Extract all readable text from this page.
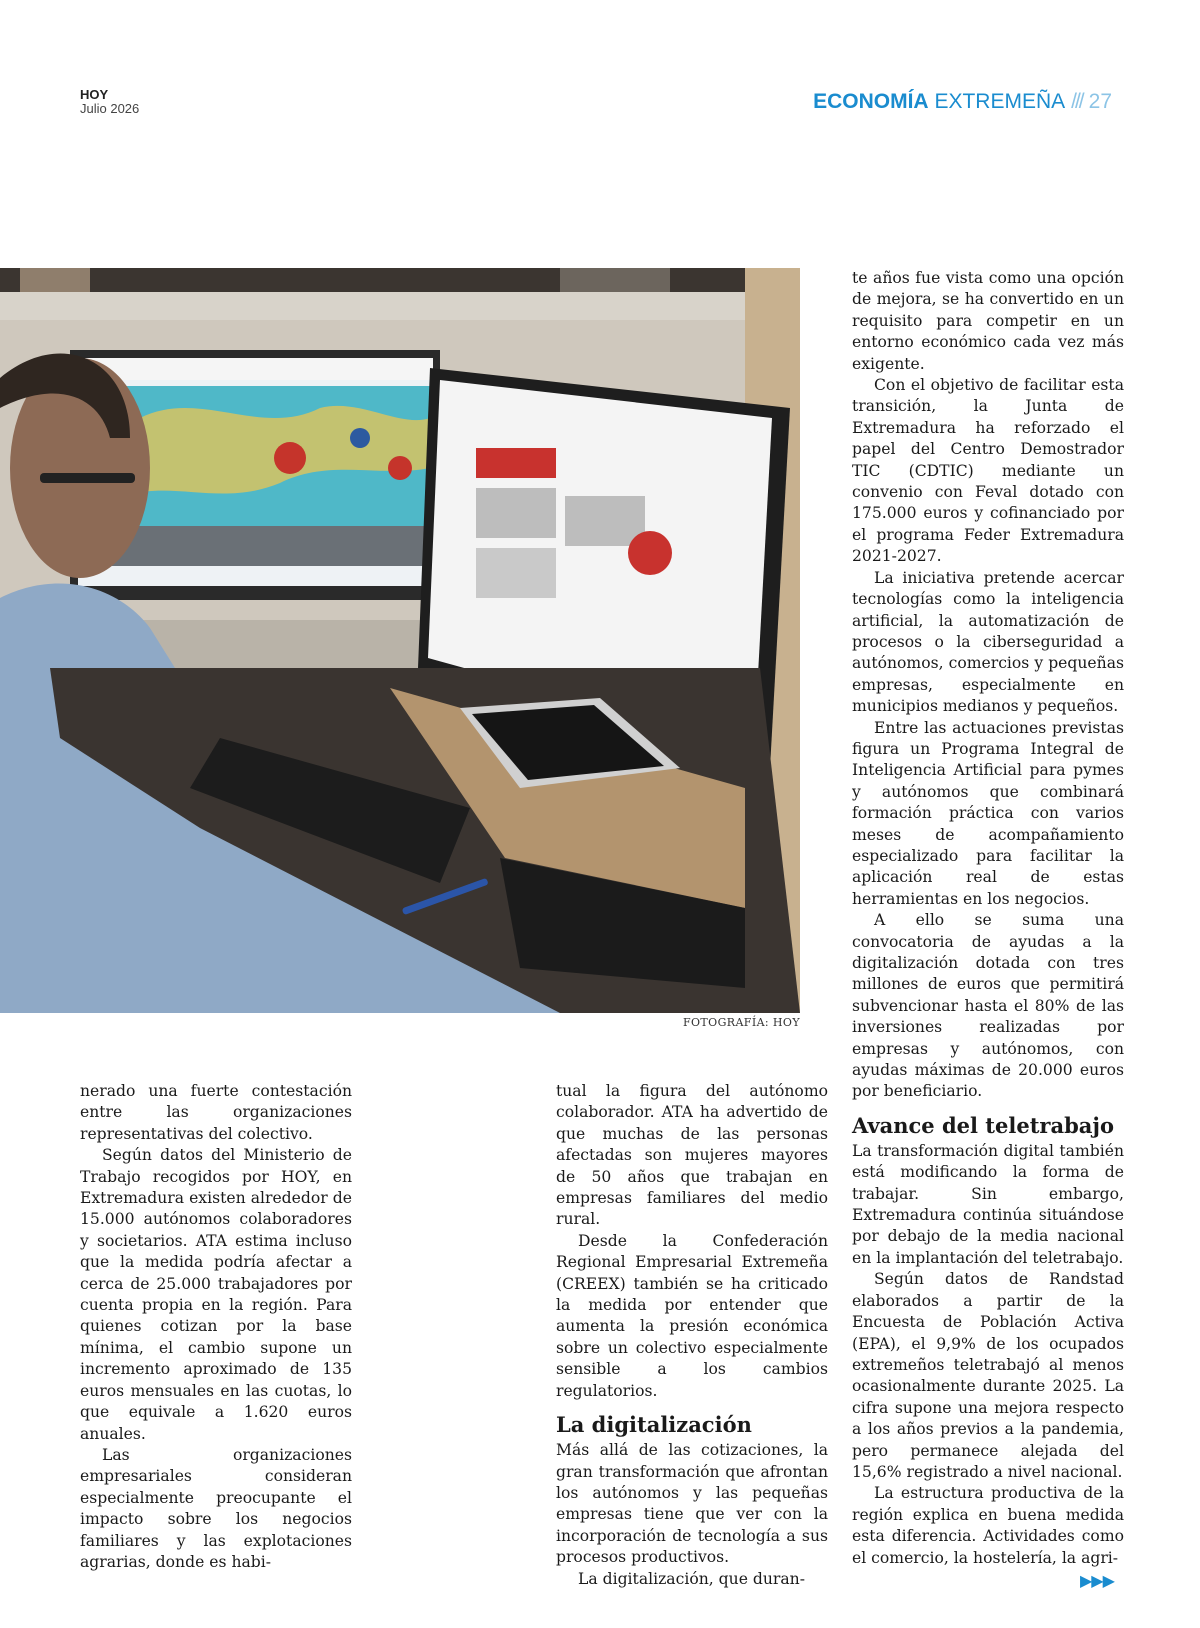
HOY
Julio 2026	ECONOMÍA EXTREMEÑA /// 27
FOTOGRAFÍA: HOY

nerado una fuerte contestación entre las organizaciones representativas del colectivo.

Según datos del Ministerio de Trabajo recogidos por HOY, en Extremadura existen alrededor de 15.000 autónomos colaboradores y societarios. ATA estima incluso que la medida podría afectar a cerca de 25.000 trabajadores por cuenta propia en la región. Para quienes cotizan por la base mínima, el cambio supone un incremento aproximado de 135 euros mensuales en las cuotas, lo que equivale a 1.620 euros anuales.

Las organizaciones empresariales consideran especialmente preocupante el impacto sobre los negocios familiares y las explotaciones agrarias, donde es habi-

tual la figura del autónomo colaborador. ATA ha advertido de que muchas de las personas afectadas son mujeres mayores de 50 años que trabajan en empresas familiares del medio rural.

Desde la Confederación Regional Empresarial Extremeña (CREEX) también se ha criticado la medida por entender que aumenta la presión económica sobre un colectivo especialmente sensible a los cambios regulatorios.

La digitalización

Más allá de las cotizaciones, la gran transformación que afrontan los autónomos y las pequeñas empresas tiene que ver con la incorporación de tecnología a sus procesos productivos.

La digitalización, que duran-

te años fue vista como una opción de mejora, se ha convertido en un requisito para competir en un entorno económico cada vez más exigente.

Con el objetivo de facilitar esta transición, la Junta de Extremadura ha reforzado el papel del Centro Demostrador TIC (CDTIC) mediante un convenio con Feval dotado con 175.000 euros y cofinanciado por el programa Feder Extremadura 2021-2027.

La iniciativa pretende acercar tecnologías como la inteligencia artificial, la automatización de procesos o la ciberseguridad a autónomos, comercios y pequeñas empresas, especialmente en municipios medianos y pequeños.

Entre las actuaciones previstas figura un Programa Integral de Inteligencia Artificial para pymes y autónomos que combinará formación práctica con varios meses de acompañamiento especializado para facilitar la aplicación real de estas herramientas en los negocios.

A ello se suma una convocatoria de ayudas a la digitalización dotada con tres millones de euros que permitirá subvencionar hasta el 80% de las inversiones realizadas por empresas y autónomos, con ayudas máximas de 20.000 euros por beneficiario.

Avance del teletrabajo

La transformación digital también está modificando la forma de trabajar. Sin embargo, Extremadura continúa situándose por debajo de la media nacional en la implantación del teletrabajo.

Según datos de Randstad elaborados a partir de la Encuesta de Población Activa (EPA), el 9,9% de los ocupados extremeños teletrabajó al menos ocasionalmente durante 2025. La cifra supone una mejora respecto a los años previos a la pandemia, pero permanece alejada del 15,6% registrado a nivel nacional.

La estructura productiva de la región explica en buena medida esta diferencia. Actividades como el comercio, la hostelería, la agri-

▶▶▶
